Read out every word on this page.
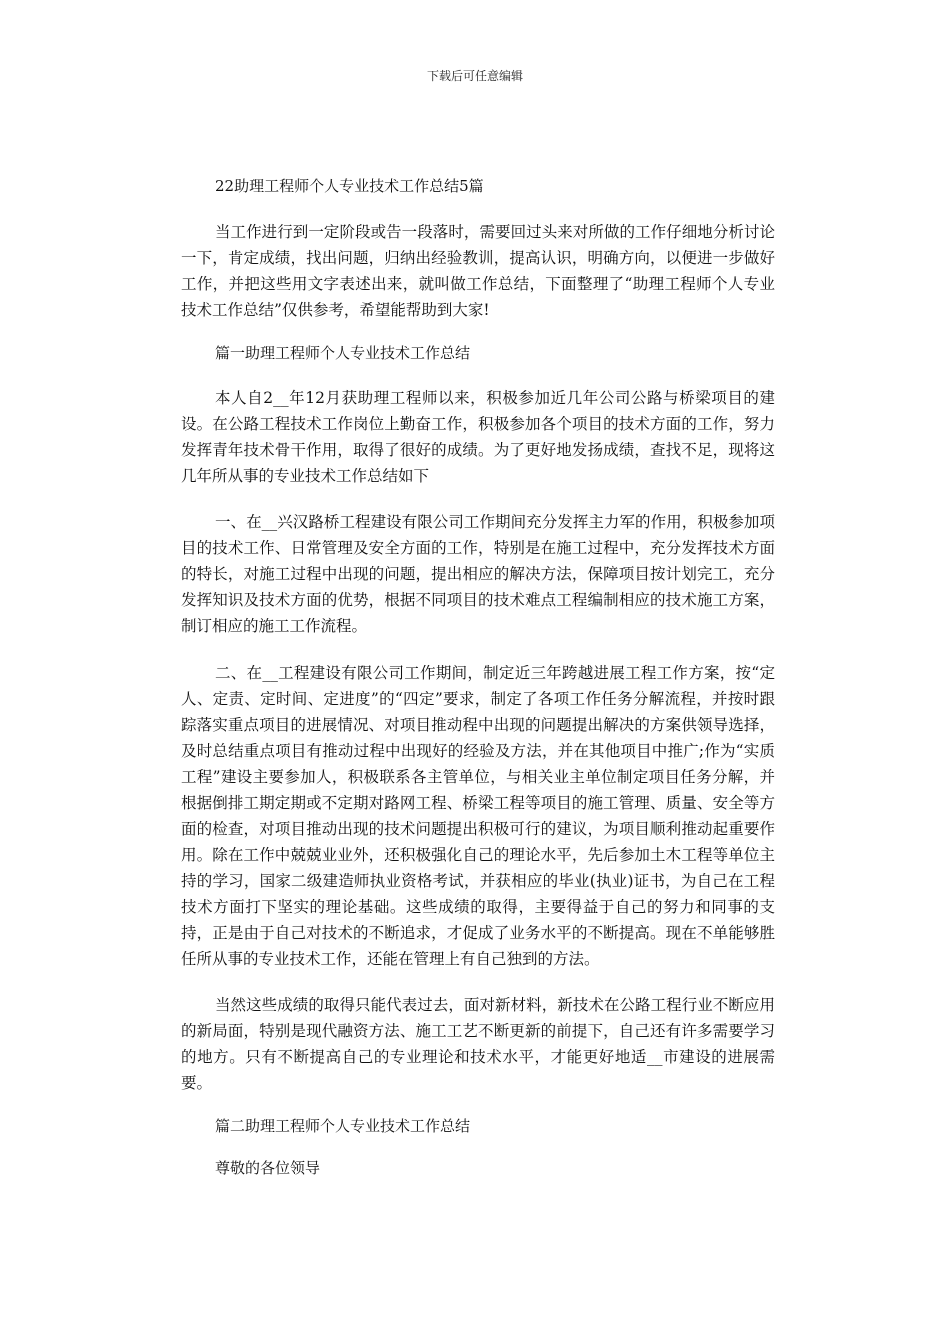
下载后可任意编辑

22助理工程师个人专业技术工作总结5篇

当工作进行到一定阶段或告一段落时，需要回过头来对所做的工作仔细地分析讨论一下，肯定成绩，找出问题，归纳出经验教训，提高认识，明确方向，以便进一步做好工作，并把这些用文字表述出来，就叫做工作总结，下面整理了“助理工程师个人专业技术工作总结”仅供参考，希望能帮助到大家!

篇一助理工程师个人专业技术工作总结

本人自2__年12月获助理工程师以来，积极参加近几年公司公路与桥梁项目的建设。在公路工程技术工作岗位上勤奋工作，积极参加各个项目的技术方面的工作，努力发挥青年技术骨干作用，取得了很好的成绩。为了更好地发扬成绩，查找不足，现将这几年所从事的专业技术工作总结如下

一、在__兴汉路桥工程建设有限公司工作期间充分发挥主力军的作用，积极参加项目的技术工作、日常管理及安全方面的工作，特别是在施工过程中，充分发挥技术方面的特长，对施工过程中出现的问题，提出相应的解决方法，保障项目按计划完工，充分发挥知识及技术方面的优势，根据不同项目的技术难点工程编制相应的技术施工方案，制订相应的施工工作流程。

二、在__工程建设有限公司工作期间，制定近三年跨越进展工程工作方案，按“定人、定责、定时间、定进度”的“四定”要求，制定了各项工作任务分解流程，并按时跟踪落实重点项目的进展情况、对项目推动程中出现的问题提出解决的方案供领导选择，及时总结重点项目有推动过程中出现好的经验及方法，并在其他项目中推广;作为“实质工程”建设主要参加人，积极联系各主管单位，与相关业主单位制定项目任务分解，并根据倒排工期定期或不定期对路网工程、桥梁工程等项目的施工管理、质量、安全等方面的检查，对项目推动出现的技术问题提出积极可行的建议，为项目顺利推动起重要作用。除在工作中兢兢业业外，还积极强化自己的理论水平，先后参加土木工程等单位主持的学习，国家二级建造师执业资格考试，并获相应的毕业(执业)证书，为自己在工程技术方面打下坚实的理论基础。这些成绩的取得，主要得益于自己的努力和同事的支持，正是由于自己对技术的不断追求，才促成了业务水平的不断提高。现在不单能够胜任所从事的专业技术工作，还能在管理上有自己独到的方法。

当然这些成绩的取得只能代表过去，面对新材料，新技术在公路工程行业不断应用的新局面，特别是现代融资方法、施工工艺不断更新的前提下，自己还有许多需要学习的地方。只有不断提高自己的专业理论和技术水平，才能更好地适__市建设的进展需要。

篇二助理工程师个人专业技术工作总结

尊敬的各位领导
